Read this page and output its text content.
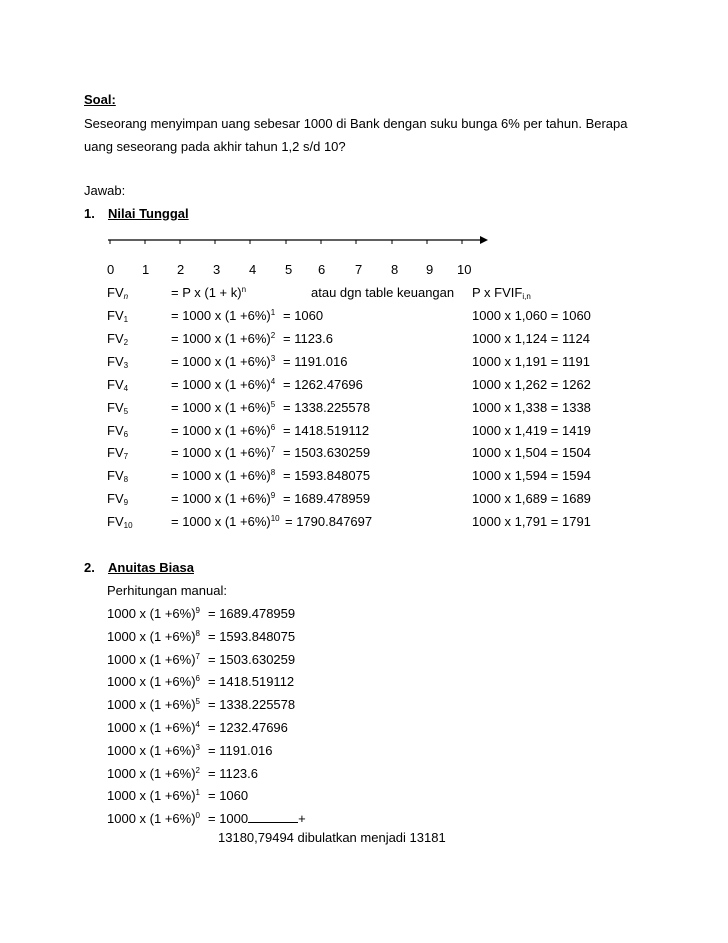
Soal:
Seseorang menyimpan uang sebesar 1000 di Bank dengan suku bunga 6% per tahun. Berapa
uang seseorang pada akhir tahun 1,2 s/d 10?
Jawab:
1. Nilai Tunggal
0 1 2 3 4 5 6 7 8 9 10
$FV_n$	= P x $(1 + k)^n$	atau dgn table keuangan P x $FVIF_{i,n}$
$FV_1$	= 1000 x $(1 +6\%)^1 = 1060$	1000 x 1,060 = 1060
$FV_2$	= 1000 x $(1 +6\%)^2 = 1123.6$	1000 x 1,124 = 1124
$FV_3$	= 1000 x $(1 +6\%)^3 = 1191.016$	1000 x 1,191 = 1191
$FV_4$	= 1000 x $(1 +6\%)^4 = 1262.47696$	1000 x 1,262 = 1262
$FV_5$	= 1000 x $(1 +6\%)^5 = 1338.225578$	1000 x 1,338 = 1338
$FV_6$	= 1000 x $(1 +6\%)^6 = 1418.519112$	1000 x 1,419 = 1419
$FV_7$	= 1000 x $(1 +6\%)^7 = 1503.630259$	1000 x 1,504 = 1504
$FV_8$	= 1000 x $(1 +6\%)^8 = 1593.848075$	1000 x 1,594 = 1594
$FV_9$	= 1000 x $(1 +6\%)^9 = 1689.478959$	1000 x 1,689 = 1689
$FV_{10}$	= 1000 x $(1 +6\%)^{10} = 1790.847697$	1000 x 1,791 = 1791
2. Anuitas Biasa
Perhitungan manual:
1000 x $(1 +6\%)^9 = 1689.478959$
1000 x $(1 +6\%)^8 = 1593.848075$
1000 x $(1 +6\%)^7 = 1503.630259$
1000 x $(1 +6\%)^6 = 1418.519112$
1000 x $(1 +6\%)^5 = 1338.225578$
1000 x $(1 +6\%)^4 = 1232.47696$
1000 x $(1 +6\%)^3 = 1191.016$
1000 x $(1 +6\%)^2 = 1123.6$
1000 x $(1 +6\%)^1 = 1060$
1000 x $(1 +6\%)^0 = 1000$	+
13180,79494 dibulatkan menjadi 13181
